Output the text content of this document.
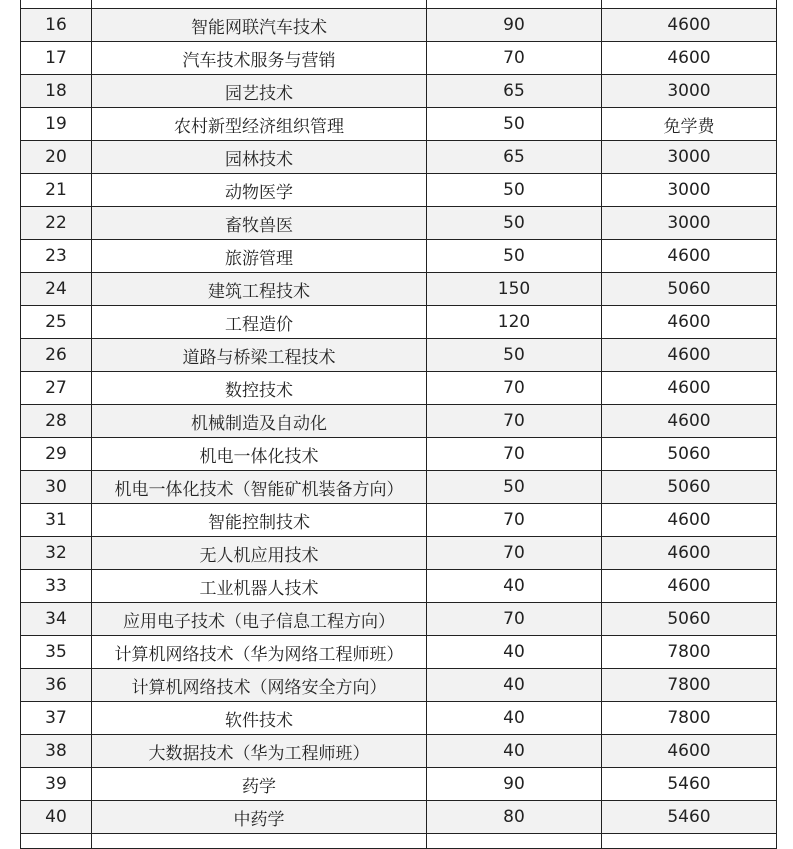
16	智能网联汽车技术	90	4600
17	汽车技术服务与营销	70	4600
18	园艺技术	65	3000
19	农村新型经济组织管理	50	免学费
20	园林技术	65	3000
21	动物医学	50	3000
22	畜牧兽医	50	3000
23	旅游管理	50	4600
24	建筑工程技术	150	5060
25	工程造价	120	4600
26	道路与桥梁工程技术	50	4600
27	数控技术	70	4600
28	机械制造及自动化	70	4600
29	机电一体化技术	70	5060
30	机电一体化技术（智能矿机装备方向）	50	5060
31	智能控制技术	70	4600
32	无人机应用技术	70	4600
33	工业机器人技术	40	4600
34	应用电子技术（电子信息工程方向）	70	5060
35	计算机网络技术（华为网络工程师班）	40	7800
36	计算机网络技术（网络安全方向）	40	7800
37	软件技术	40	7800
38	大数据技术（华为工程师班）	40	4600
39	药学	90	5460
40	中药学	80	5460
